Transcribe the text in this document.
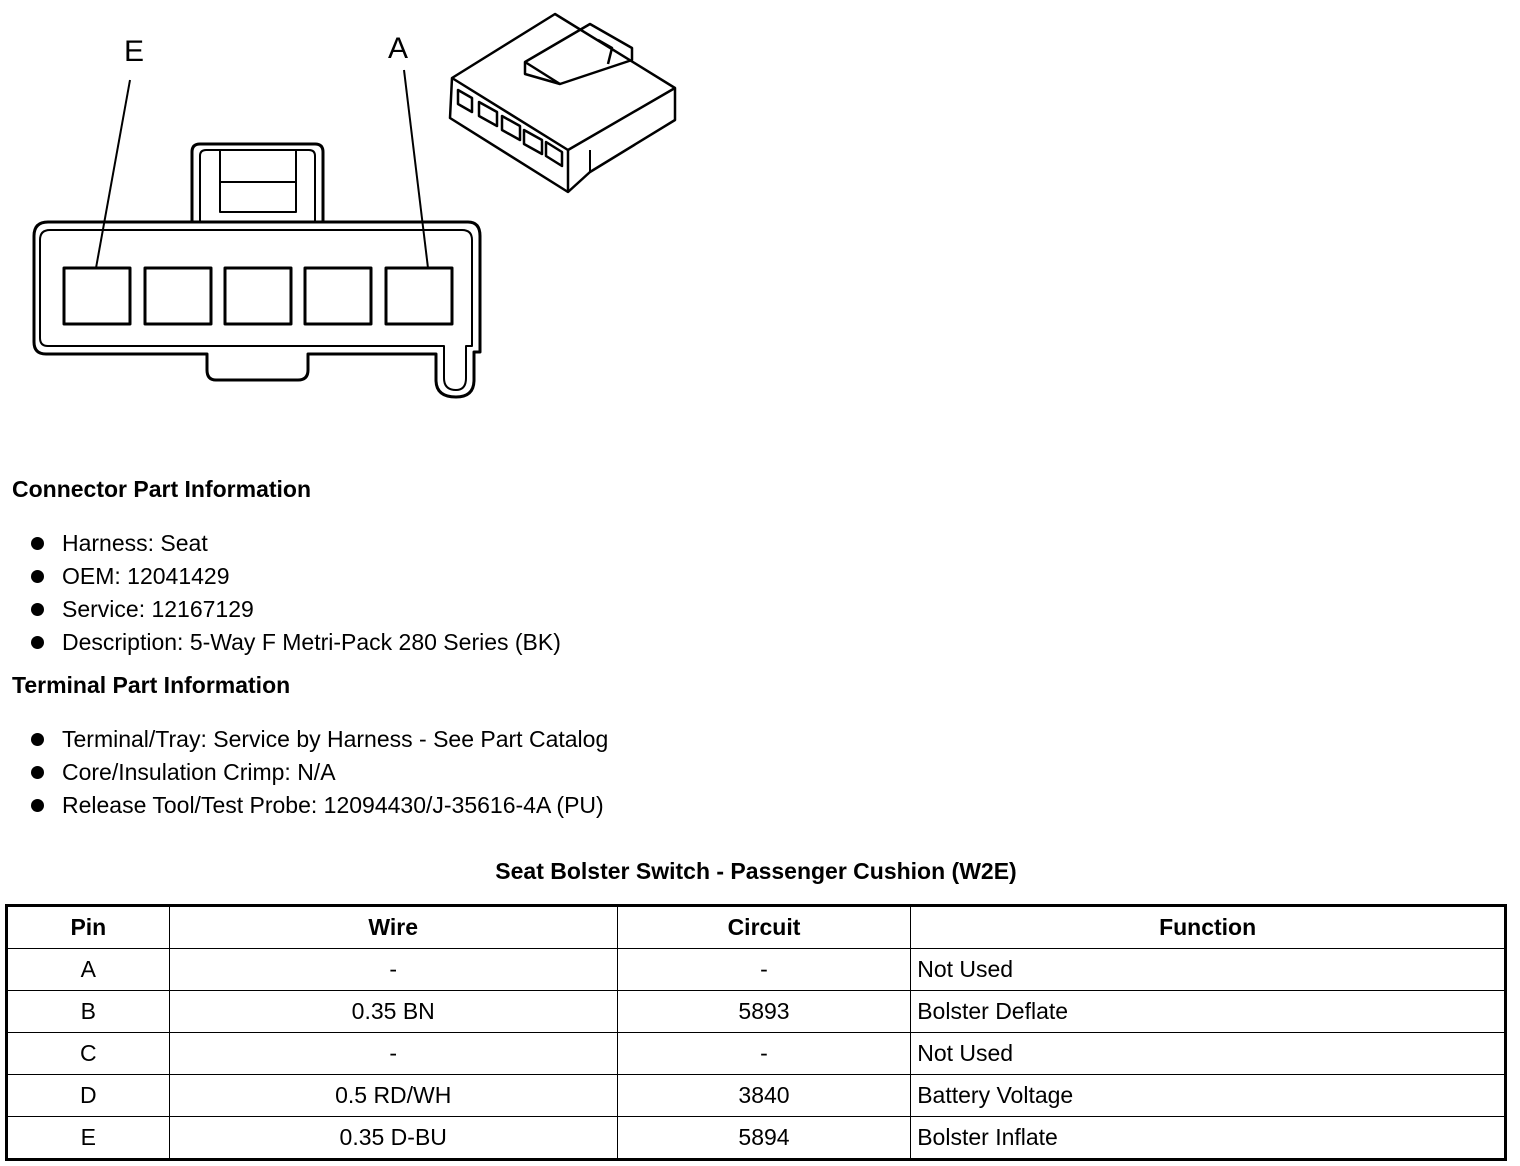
E	A
Connector Part Information
Harness: Seat
OEM: 12041429
Service: 12167129
Description: 5-Way F Metri-Pack 280 Series (BK)
Terminal Part Information
Terminal/Tray: Service by Harness - See Part Catalog
Core/Insulation Crimp: N/A
Release Tool/Test Probe: 12094430/J-35616-4A (PU)
Seat Bolster Switch - Passenger Cushion (W2E)
Pin	Wire	Circuit	Function
A	-	-	Not Used
B	0.35 BN	5893	Bolster Deflate
C	-	-	Not Used
D	0.5 RD/WH	3840	Battery Voltage
E	0.35 D-BU	5894	Bolster Inflate
